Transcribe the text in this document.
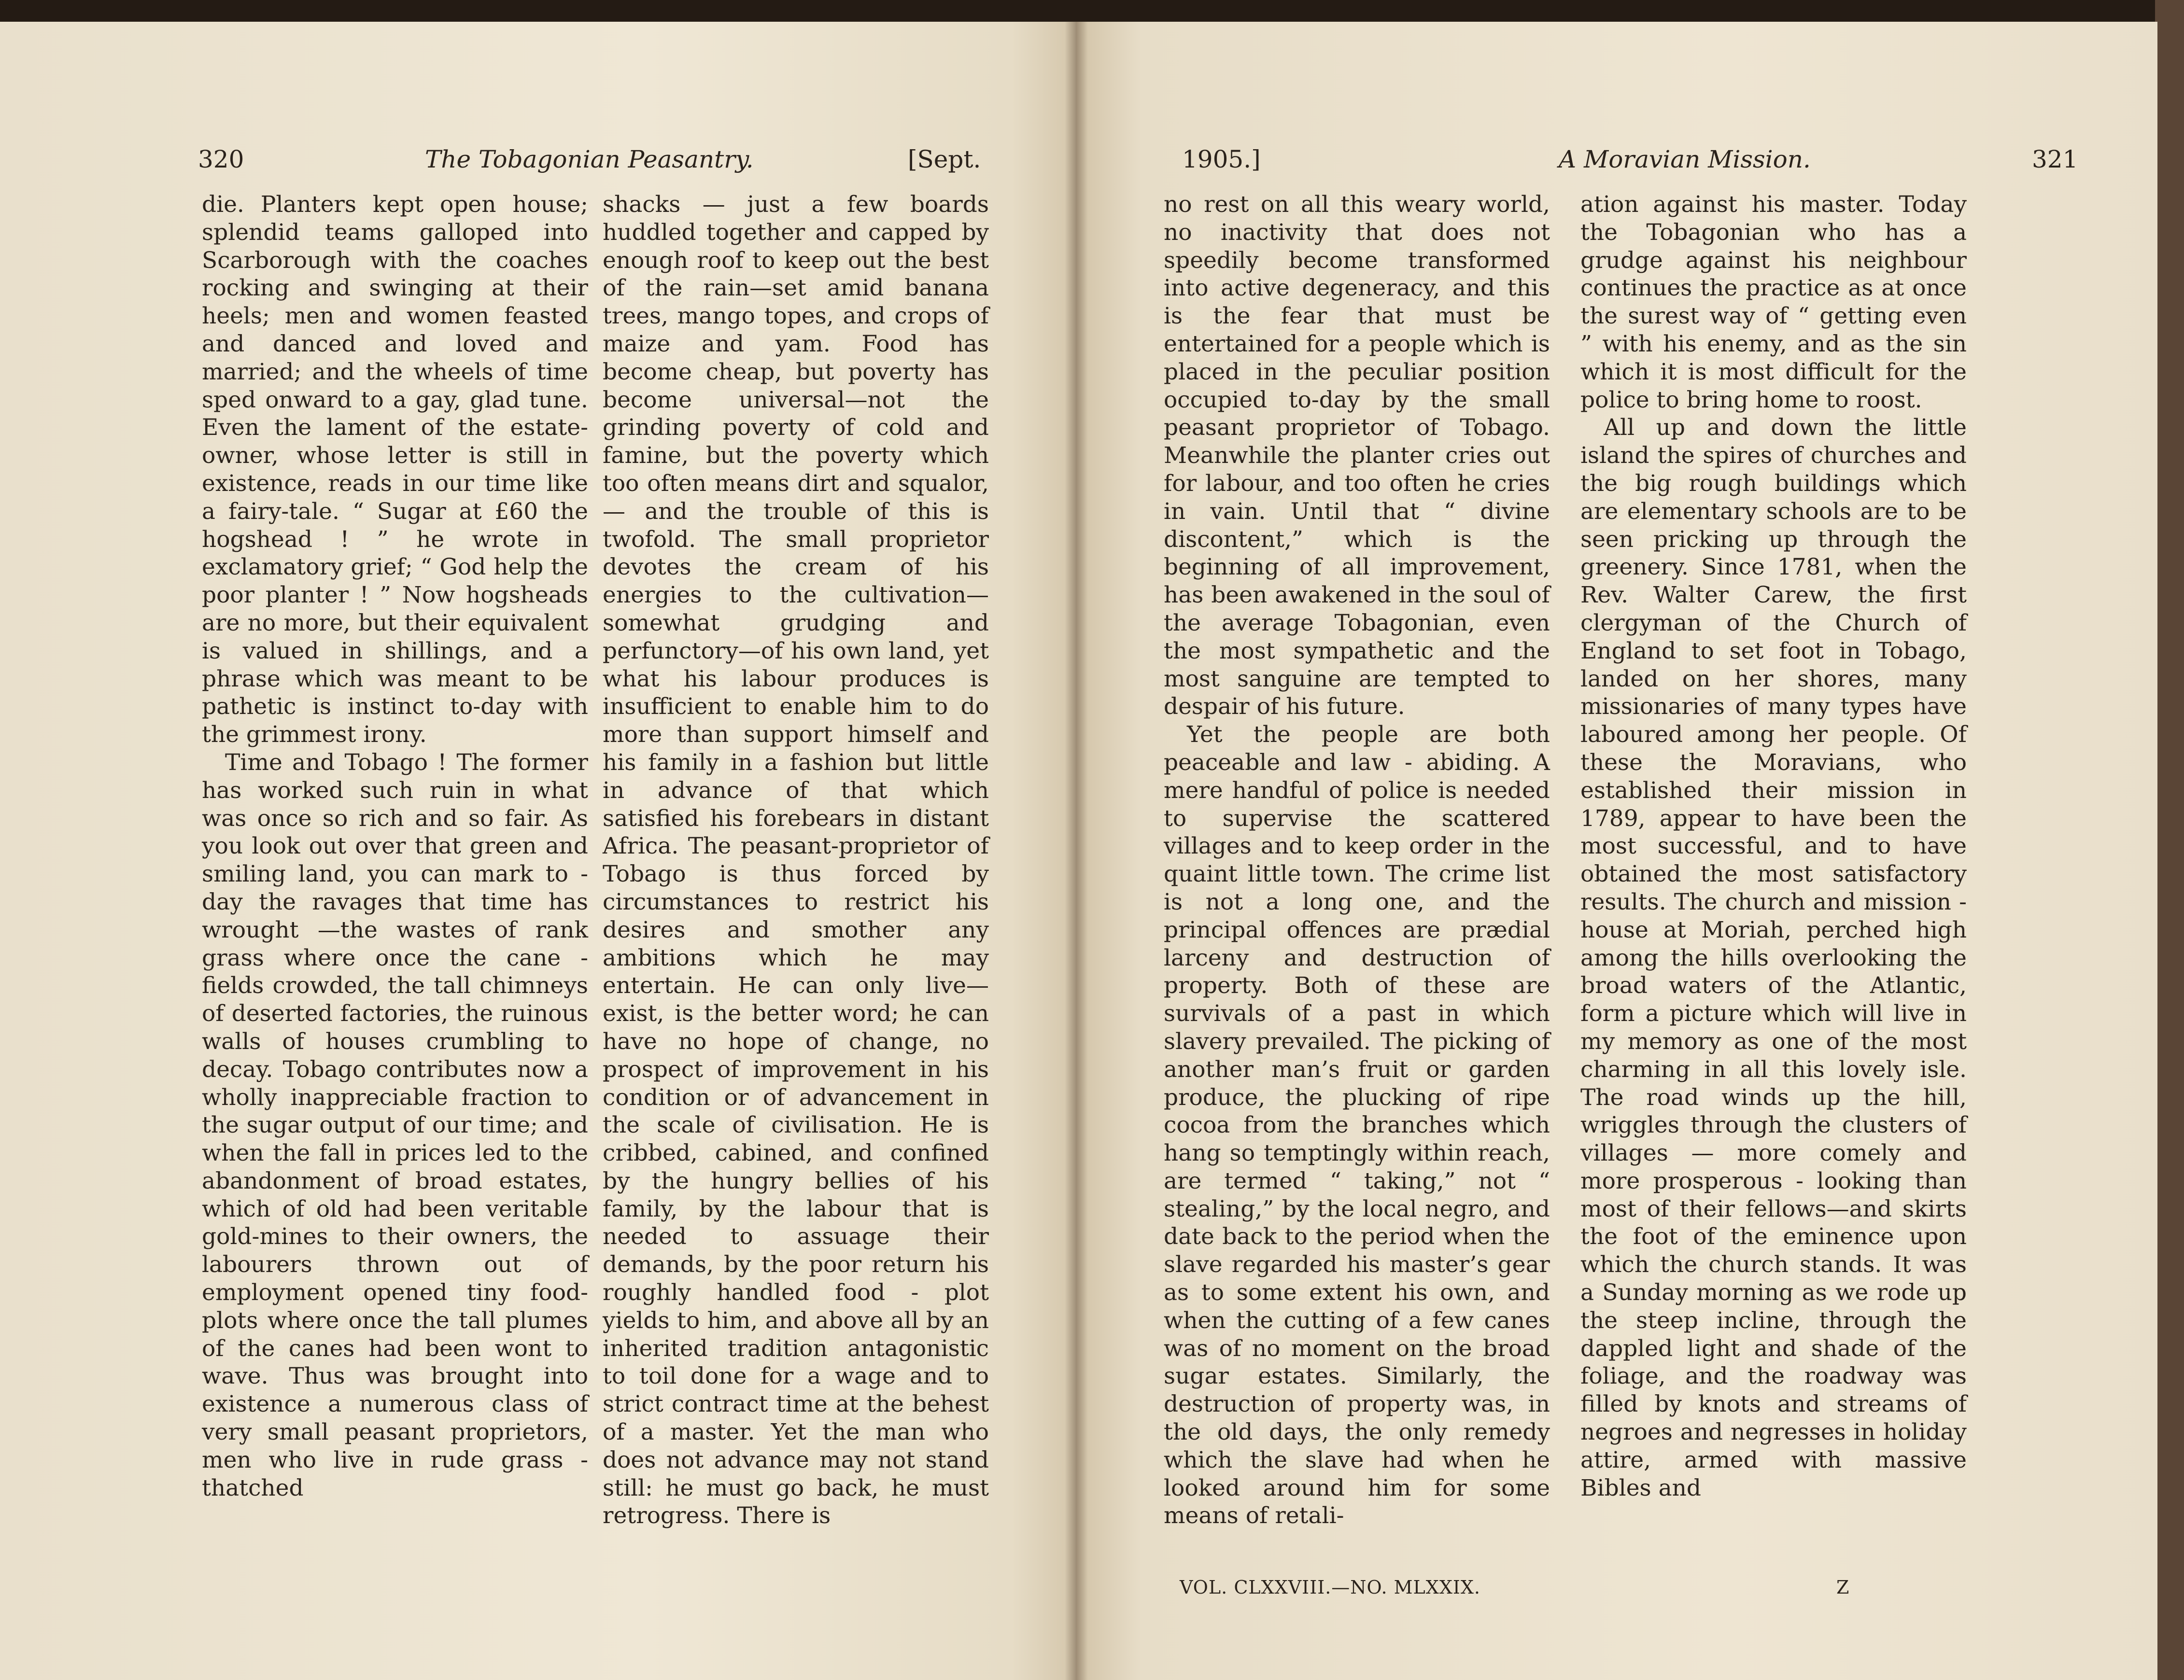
320	The Tobagonian Peasantry.	[Sept.

die. Planters kept open house; splendid teams galloped into Scarborough with the coaches rocking and swinging at their heels; men and women feasted and danced and loved and married; and the wheels of time sped onward to a gay, glad tune. Even the lament of the estate-owner, whose letter is still in existence, reads in our time like a fairy-tale. “ Sugar at £60 the hogshead ! ” he wrote in exclamatory grief; “ God help the poor planter ! ” Now hogsheads are no more, but their equivalent is valued in shillings, and a phrase which was meant to be pathetic is instinct to-day with the grimmest irony.

Time and Tobago ! The former has worked such ruin in what was once so rich and so fair. As you look out over that green and smiling land, you can mark to - day the ravages that time has wrought —the wastes of rank grass where once the cane - fields crowded, the tall chimneys of deserted factories, the ruinous walls of houses crumbling to decay. Tobago contributes now a wholly inappreciable fraction to the sugar output of our time; and when the fall in prices led to the abandonment of broad estates, which of old had been veritable gold-mines to their owners, the labourers thrown out of employment opened tiny food-plots where once the tall plumes of the canes had been wont to wave. Thus was brought into existence a numerous class of very small peasant proprietors, men who live in rude grass - thatched

shacks — just a few boards huddled together and capped by enough roof to keep out the best of the rain—set amid banana trees, mango topes, and crops of maize and yam. Food has become cheap, but poverty has become universal—not the grinding poverty of cold and famine, but the poverty which too often means dirt and squalor, — and the trouble of this is twofold. The small proprietor devotes the cream of his energies to the cultivation—somewhat grudging and perfunctory—of his own land, yet what his labour produces is insufficient to enable him to do more than support himself and his family in a fashion but little in advance of that which satisfied his forebears in distant Africa. The peasant-proprietor of Tobago is thus forced by circumstances to restrict his desires and smother any ambitions which he may entertain. He can only live—exist, is the better word; he can have no hope of change, no prospect of improvement in his condition or of advancement in the scale of civilisation. He is cribbed, cabined, and confined by the hungry bellies of his family, by the labour that is needed to assuage their demands, by the poor return his roughly handled food - plot yields to him, and above all by an inherited tradition antagonistic to toil done for a wage and to strict contract time at the behest of a master. Yet the man who does not advance may not stand still: he must go back, he must retrogress. There is

1905.]	A Moravian Mission.	321

no rest on all this weary world, no inactivity that does not speedily become transformed into active degeneracy, and this is the fear that must be entertained for a people which is placed in the peculiar position occupied to-day by the small peasant proprietor of Tobago. Meanwhile the planter cries out for labour, and too often he cries in vain. Until that “ divine discontent,” which is the beginning of all improvement, has been awakened in the soul of the average Tobagonian, even the most sympathetic and the most sanguine are tempted to despair of his future.

Yet the people are both peaceable and law - abiding. A mere handful of police is needed to supervise the scattered villages and to keep order in the quaint little town. The crime list is not a long one, and the principal offences are prædial larceny and destruction of property. Both of these are survivals of a past in which slavery prevailed. The picking of another man’s fruit or garden produce, the plucking of ripe cocoa from the branches which hang so temptingly within reach, are termed “ taking,” not “ stealing,” by the local negro, and date back to the period when the slave regarded his master’s gear as to some extent his own, and when the cutting of a few canes was of no moment on the broad sugar estates. Similarly, the destruction of property was, in the old days, the only remedy which the slave had when he looked around him for some means of retali-

ation against his master. Today the Tobagonian who has a grudge against his neighbour continues the practice as at once the surest way of “ getting even ” with his enemy, and as the sin which it is most difficult for the police to bring home to roost.

All up and down the little island the spires of churches and the big rough buildings which are elementary schools are to be seen pricking up through the greenery. Since 1781, when the Rev. Walter Carew, the first clergyman of the Church of England to set foot in Tobago, landed on her shores, many missionaries of many types have laboured among her people. Of these the Moravians, who established their mission in 1789, appear to have been the most successful, and to have obtained the most satisfactory results. The church and mission - house at Moriah, perched high among the hills overlooking the broad waters of the Atlantic, form a picture which will live in my memory as one of the most charming in all this lovely isle. The road winds up the hill, wriggles through the clusters of villages — more comely and more prosperous - looking than most of their fellows—and skirts the foot of the eminence upon which the church stands. It was a Sunday morning as we rode up the steep incline, through the dappled light and shade of the foliage, and the roadway was filled by knots and streams of negroes and negresses in holiday attire, armed with massive Bibles and

VOL. CLXXVIII.—NO. MLXXIX.	Z
